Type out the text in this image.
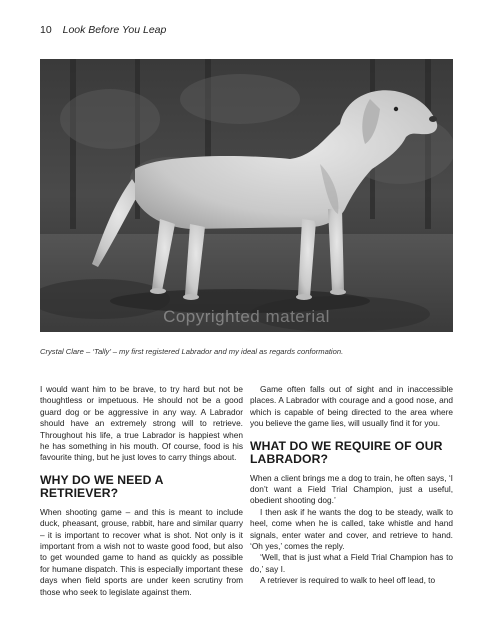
10 Look Before You Leap
Copyrighted material
Crystal Clare – ‘Tally’ – my first registered Labrador and my ideal as regards conformation.

I would want him to be brave, to try hard but not be thoughtless or impetuous. He should not be a good guard dog or be aggressive in any way. A Labrador should have an extremely strong will to retrieve. Throughout his life, a true Labrador is happiest when he has something in his mouth. Of course, food is his favourite thing, but he just loves to carry things about.

WHY DO WE NEED A RETRIEVER?

When shooting game – and this is meant to include duck, pheasant, grouse, rabbit, hare and similar quarry – it is important to recover what is shot. Not only is it important from a wish not to waste good food, but also to get wounded game to hand as quickly as possible for humane dispatch. This is especially important these days when field sports are under keen scrutiny from those who seek to legislate against them.

Game often falls out of sight and in inaccessible places. A Labrador with courage and a good nose, and which is capable of being directed to the area where you believe the game lies, will usually find it for you.

WHAT DO WE REQUIRE OF OUR LABRADOR?

When a client brings me a dog to train, he often says, ‘I don’t want a Field Trial Champion, just a useful, obedient shooting dog.’

I then ask if he wants the dog to be steady, walk to heel, come when he is called, take whistle and hand signals, enter water and cover, and retrieve to hand. ‘Oh yes,’ comes the reply.

‘Well, that is just what a Field Trial Champion has to do,’ say I.

A retriever is required to walk to heel off lead, to
